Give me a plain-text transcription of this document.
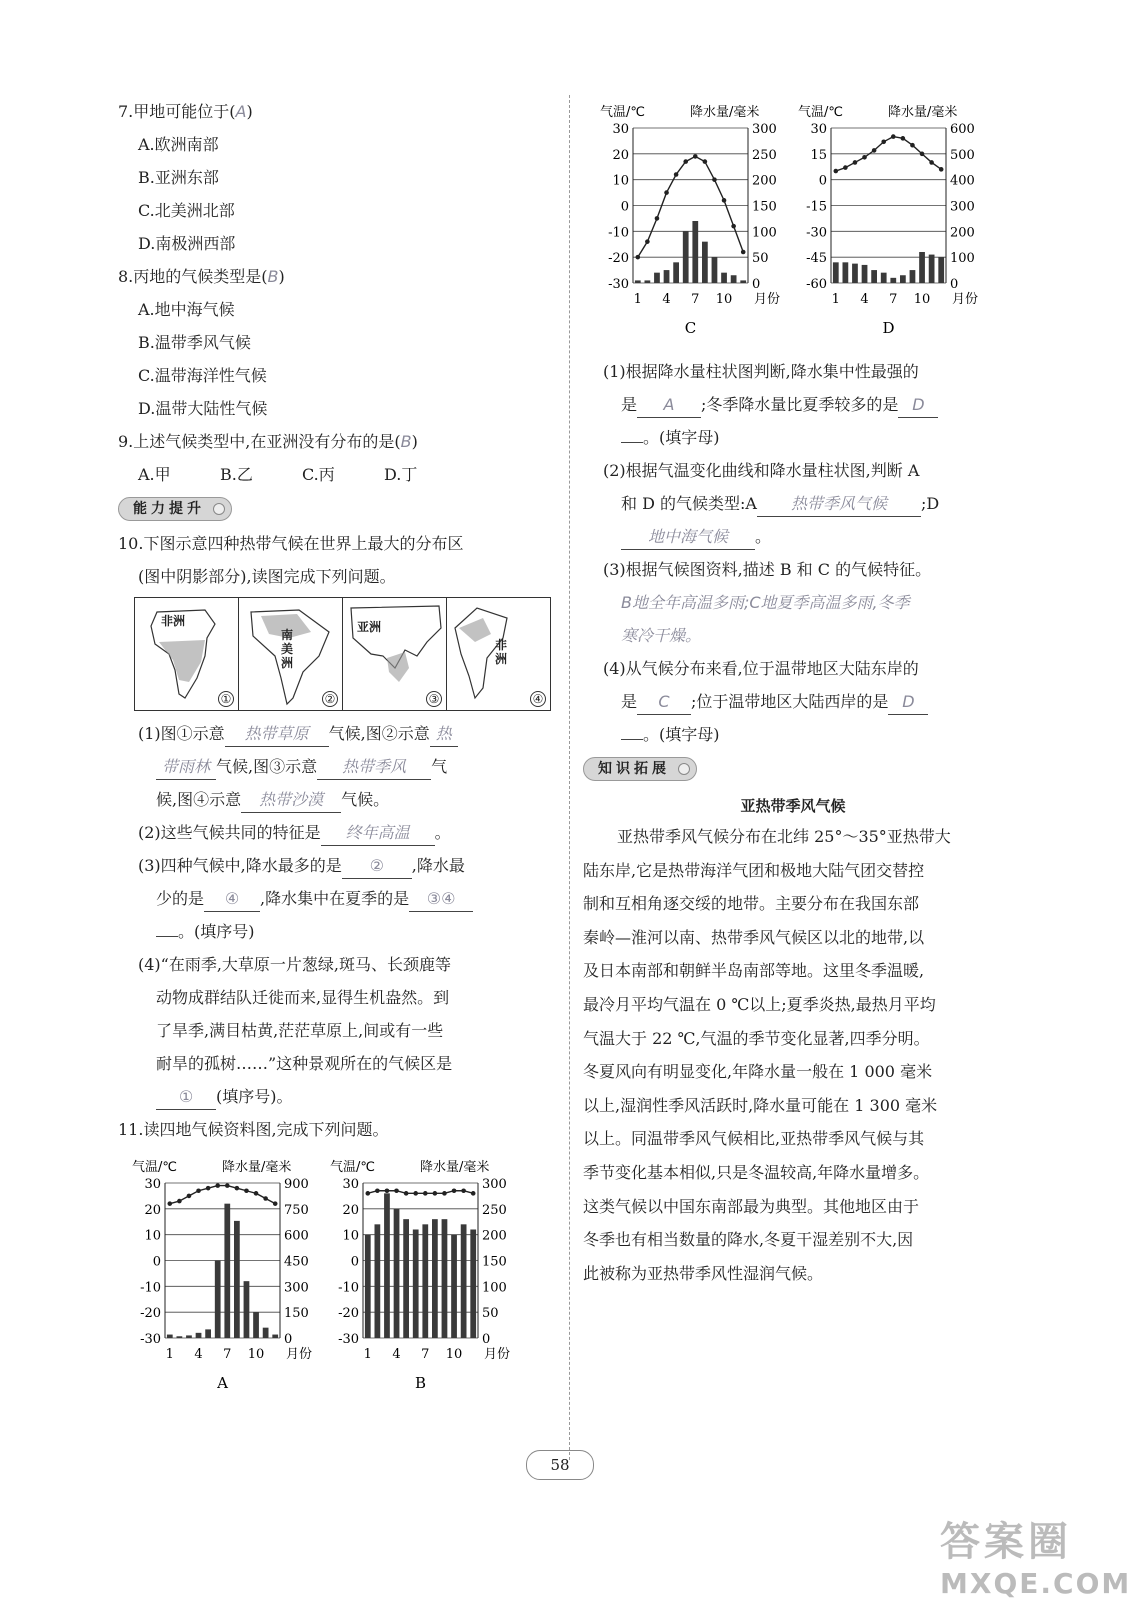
7.甲地可能位于(A)
A.欧洲南部
B.亚洲东部
C.北美洲北部
D.南极洲西部
8.丙地的气候类型是(B)
A.地中海气候
B.温带季风气候
C.温带海洋性气候
D.温带大陆性气候
9.上述气候类型中,在亚洲没有分布的是(B)
A.甲	B.乙	C.丙	D.丁
能力提升
10.下图示意四种热带气候在世界上最大的分布区
(图中阴影部分),读图完成下列问题。
非洲
①
南美洲
②
亚洲
③
非洲
④
(1)图①示意 热带草原 气候,图②示意 热
带雨林 气候,图③示意 热带季风 气
候,图④示意 热带沙漠 气候。
(2)这些气候共同的特征是 终年高温 。
(3)四种气候中,降水最多的是 ② ,降水最
少的是 ④ ,降水集中在夏季的是 ③④
。(填序号)
(4)“在雨季,大草原一片葱绿,斑马、长颈鹿等
动物成群结队迁徙而来,显得生机盎然。到
了旱季,满目枯黄,茫茫草原上,间或有一些
耐旱的孤树……”这种景观所在的气候区是
① (填序号)。
11.读四地气候资料图,完成下列问题。
(1)根据降水量柱状图判断,降水集中性最强的
是 A ;冬季降水量比夏季较多的是 D
。(填字母)
(2)根据气温变化曲线和降水量柱状图,判断 A
和 D 的气候类型:A 热带季风气候 ;D
地中海气候 。
(3)根据气候图资料,描述 B 和 C 的气候特征。
B地全年高温多雨;C地夏季高温多雨,冬季
寒冷干燥。
(4)从气候分布来看,位于温带地区大陆东岸的
是 C ;位于温带地区大陆西岸的是 D
。(填字母)
知识拓展
亚热带季风气候
亚热带季风气候分布在北纬 25°～35°亚热带大
陆东岸,它是热带海洋气团和极地大陆气团交替控
制和互相角逐交绥的地带。主要分布在我国东部
秦岭—淮河以南、热带季风气候区以北的地带,以
及日本南部和朝鲜半岛南部等地。这里冬季温暖,
最冷月平均气温在 0 ℃以上;夏季炎热,最热月平均
气温大于 22 ℃,气温的季节变化显著,四季分明。
冬夏风向有明显变化,年降水量一般在 1 000 毫米
以上,湿润性季风活跃时,降水量可能在 1 300 毫米
以上。同温带季风气候相比,亚热带季风气候与其
季节变化基本相似,只是冬温较高,年降水量增多。
这类气候以中国东南部最为典型。其他地区由于
冬季也有相当数量的降水,冬夏干湿差别不大,因
此被称为亚热带季风性湿润气候。
气温/℃	降水量/毫米
30	300
20	250
10	200
0	150
-10	100
-20	50
-30	0
1 4 7 10 月份
C
气温/℃	降水量/毫米
30	600
15	500
0	400
-15	300
-30	200
-45	100
-60	0
1 4 7 10 月份
D
气温/℃	降水量/毫米
30	900
20	750
10	600
0	450
-10	300
-20	150
-30	0
1 4 7 10 月份
A
气温/℃	降水量/毫米
30	300
20	250
10	200
0	150
-10	100
-20	50
-30	0
1 4 7 10 月份
B
58
答案圈
MXQE.COM
